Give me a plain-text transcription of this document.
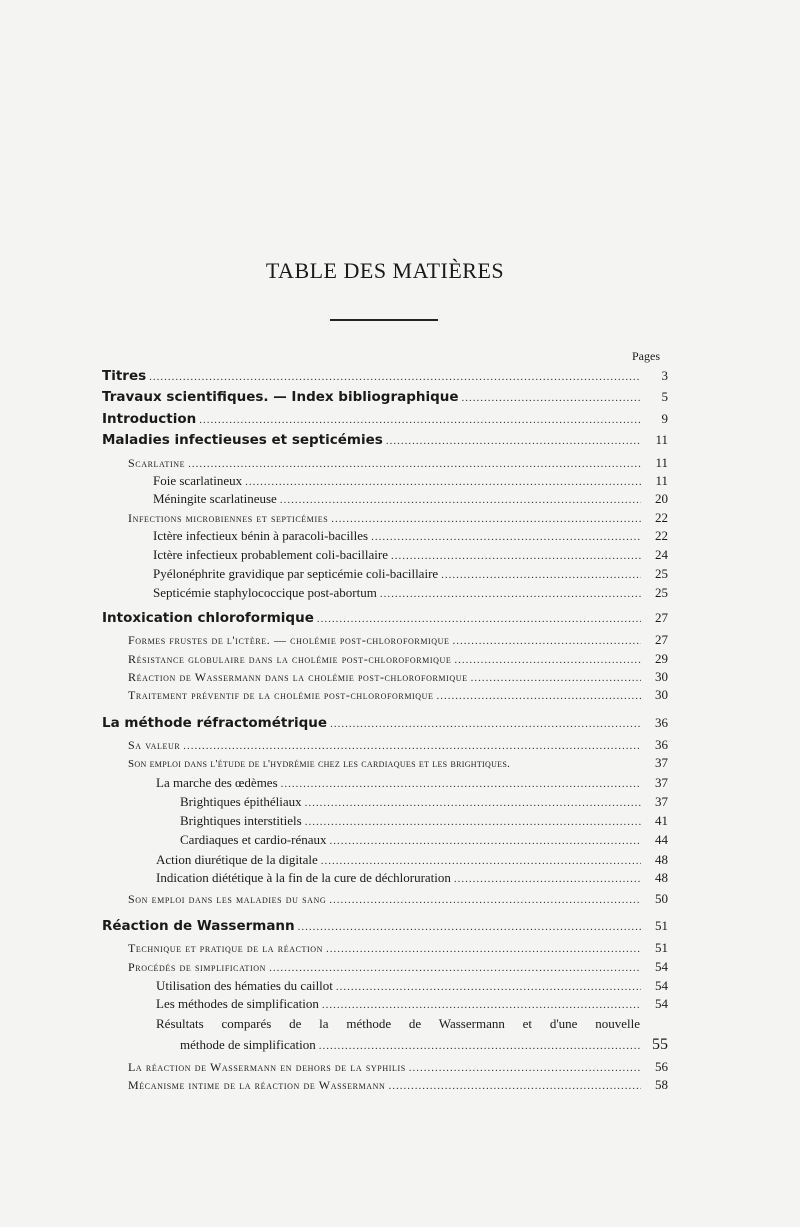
TABLE DES MATIÈRES
Pages
Titres .....	3
Travaux scientifiques. — Index bibliographique .....	5
Introduction .....	9
Maladies infectieuses et septicémies .....	11
Scarlatine .....	11
Foie scarlatineux .....	11
Méningite scarlatineuse .....	20
Infections microbiennes et septicémies .....	22
Ictère infectieux bénin à paracoli-bacilles .....	22
Ictère infectieux probablement coli-bacillaire .....	24
Pyélonéphrite gravidique par septicémie coli-bacillaire .....	25
Septicémie staphylococcique post-abortum .....	25
Intoxication chloroformique .....	27
Formes frustes de l'ictère. — cholémie post-chloroformique .....	27
Résistance globulaire dans la cholémie post-chloroformique .....	29
Réaction de Wassermann dans la cholémie post-chloroformique .....	30
Traitement préventif de la cholémie post-chloroformique .....	30
La méthode réfractométrique .....	36
Sa valeur .....	36
Son emploi dans l'étude de l'hydrémie chez les cardiaques et les brightiques.	37
La marche des œdèmes .....	37
Brightiques épithéliaux .....	37
Brightiques interstitiels .....	41
Cardiaques et cardio-rénaux .....	44
Action diurétique de la digitale .....	48
Indication diététique à la fin de la cure de déchloruration .....	48
Son emploi dans les maladies du sang .....	50
Réaction de Wassermann .....	51
Technique et pratique de la réaction .....	51
Procédés de simplification .....	54
Utilisation des hématies du caillot .....	54
Les méthodes de simplification .....	54
Résultats comparés de la méthode de Wassermann et d'une nouvelle
méthode de simplification .....	55
La réaction de Wassermann en dehors de la syphilis .....	56
Mécanisme intime de la réaction de Wassermann .....	58
